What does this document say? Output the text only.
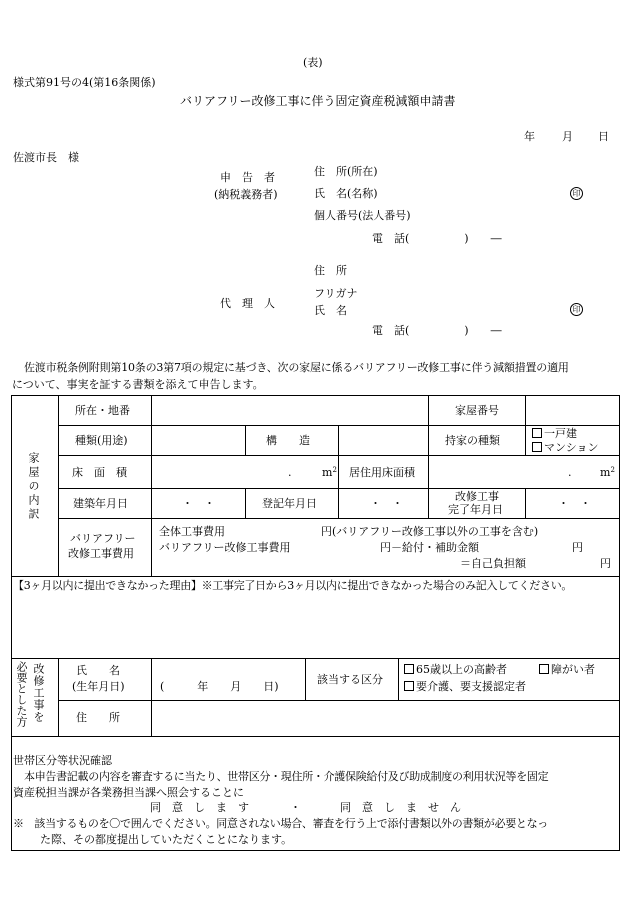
(表)
様式第91号の4(第16条関係)
バリアフリー改修工事に伴う固定資産税減額申請書
年 月 日
佐渡市長　様
申　告　者
(納税義務者)
住　所(所在)
氏　名(名称)	印
個人番号(法人番号)
電　話(　　　　　)　　―
住　所
代　理　人
フリガナ
氏　名	印
電　話(　　　　　)　　―
佐渡市税条例附則第10条の3第7項の規定に基づき、次の家屋に係るバリアフリー改修工事に伴う減額措置の適用
について、事実を証する書類を添えて申告します。
家屋の内訳
所在・地番	家屋番号
種類(用途)	構　　造	持家の種類
一戸建
マンション
床　面　積	.	$m^2$ 居住用床面積	.	$m^2$
建築年月日	・　・	登記年月日	・　・
改修工事
完了年月日	・　・
バリアフリー
改修工事費用
全体工事費用	円(バリアフリー改修工事以外の工事を含む)
バリアフリー改修工事費用	円－給付・補助金額	円
＝自己負担額	円
【3ヶ月以内に提出できなかった理由】※工事完了日から3ヶ月以内に提出できなかった場合のみ記入してください。
改修工事を
必要とした方	氏　　名
(生年月日)	(　　　年　　月　　日)
該当する区分
65歳以上の高齢者	障がい者
要介護、要支援認定者
住　　所
世帯区分等状況確認
本申告書記載の内容を審査するに当たり、世帯区分・現住所・介護保険給付及び助成制度の利用状況等を固定
資産税担当課が各業務担当課へ照会することに
同　意　し　ま　す	・	同　意　し　ま　せ　ん
※　該当するものを〇で囲んでください。同意されない場合、審査を行う上で添付書類以外の書類が必要となっ
た際、その都度提出していただくことになります。
